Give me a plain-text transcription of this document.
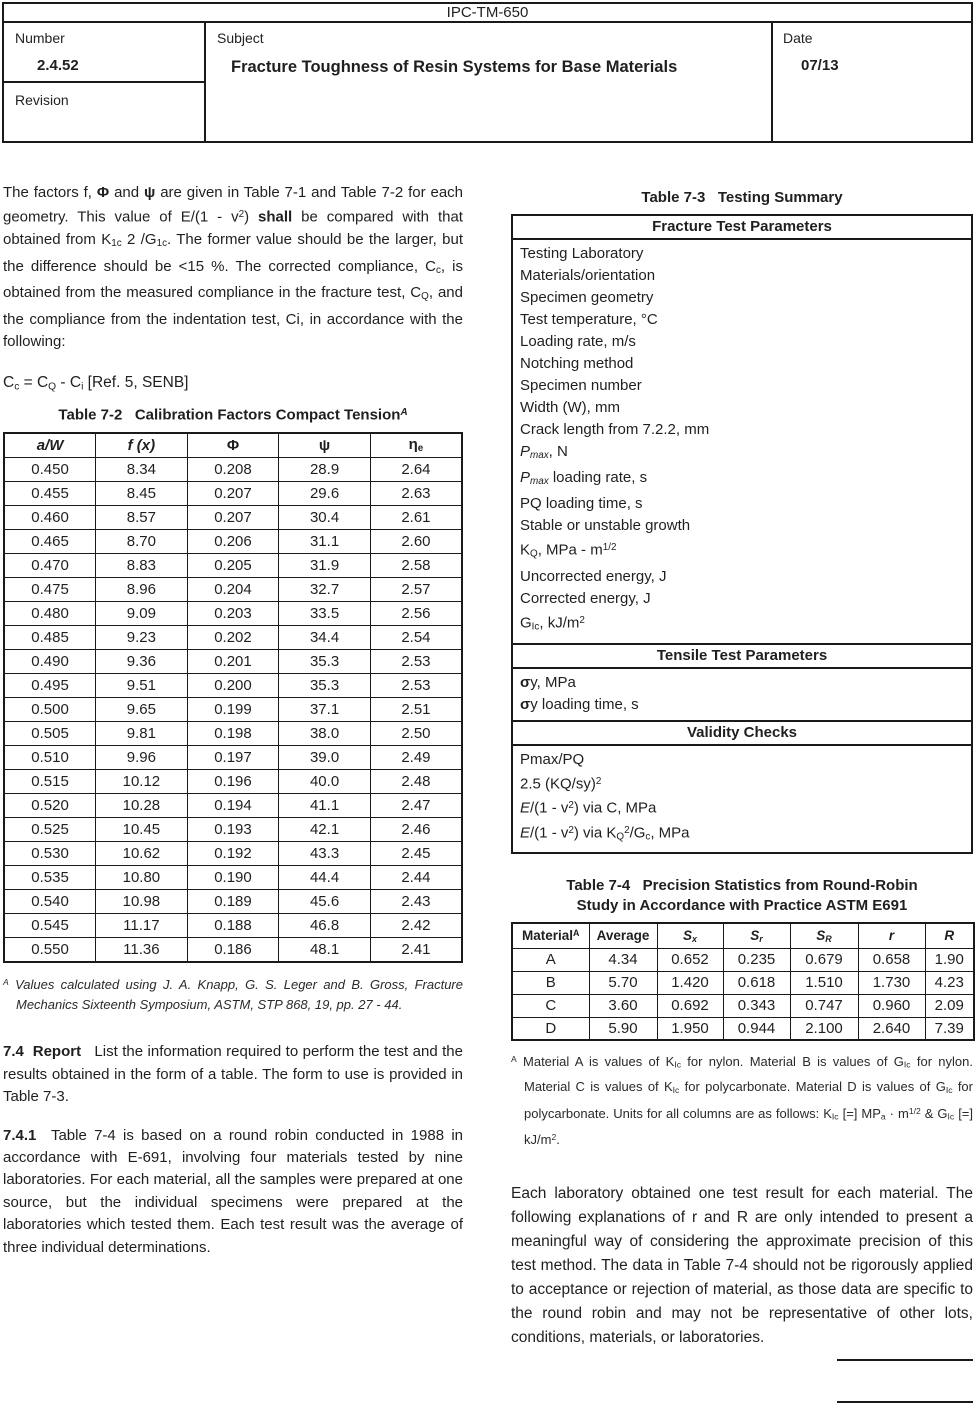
IPC-TM-650
Number
2.4.52
Revision
Subject
Fracture Toughness of Resin Systems for Base Materials
Date
07/13

The factors f, Φ and ψ are given in Table 7-1 and Table 7-2 for each geometry. This value of $E/(1 - v^2)$ shall be compared with that obtained from $K_{1c}$ 2 $/G_{1c}$. The former value should be the larger, but the difference should be <15 %. The corrected compliance, $C_c$, is obtained from the measured compliance in the fracture test, $C_Q$, and the compliance from the indentation test, Ci, in accordance with the following:

$C_c = C_Q - C_i$ [Ref. 5, SENB]

Table 7-2   Calibration Factors Compact Tension$^A$
a/W	f (x)	Φ	ψ	$\eta_e$
0.450	8.34	0.208	28.9	2.64
0.455	8.45	0.207	29.6	2.63
0.460	8.57	0.207	30.4	2.61
0.465	8.70	0.206	31.1	2.60
0.470	8.83	0.205	31.9	2.58
0.475	8.96	0.204	32.7	2.57
0.480	9.09	0.203	33.5	2.56
0.485	9.23	0.202	34.4	2.54
0.490	9.36	0.201	35.3	2.53
0.495	9.51	0.200	35.3	2.53
0.500	9.65	0.199	37.1	2.51
0.505	9.81	0.198	38.0	2.50
0.510	9.96	0.197	39.0	2.49
0.515	10.12	0.196	40.0	2.48
0.520	10.28	0.194	41.1	2.47
0.525	10.45	0.193	42.1	2.46
0.530	10.62	0.192	43.3	2.45
0.535	10.80	0.190	44.4	2.44
0.540	10.98	0.189	45.6	2.43
0.545	11.17	0.188	46.8	2.42
0.550	11.36	0.186	48.1	2.41

$^A$ Values calculated using J. A. Knapp, G. S. Leger and B. Gross, Fracture Mechanics Sixteenth Symposium, ASTM, STP 868, 19, pp. 27 - 44.

7.4  Report   List the information required to perform the test and the results obtained in the form of a table. The form to use is provided in Table 7-3.

7.4.1  Table 7-4 is based on a round robin conducted in 1988 in accordance with E-691, involving four materials tested by nine laboratories. For each material, all the samples were prepared at one source, but the individual specimens were prepared at the laboratories which tested them. Each test result was the average of three individual determinations.

Table 7-3   Testing Summary
Fracture Test Parameters
Testing Laboratory
Materials/orientation
Specimen geometry
Test temperature, °C
Loading rate, m/s
Notching method
Specimen number
Width (W), mm
Crack length from 7.2.2, mm
$P_{max}$, N
$P_{max}$ loading rate, s
PQ loading time, s
Stable or unstable growth
$K_Q$, MPa - $m^{1/2}$
Uncorrected energy, J
Corrected energy, J
$G_{Ic}$, $kJ/m^2$
Tensile Test Parameters
σy, MPa
σy loading time, s
Validity Checks
Pmax/PQ
2.5 $(KQ/sy)^2$
$E/(1 - v^2)$ via C, MPa
$E/(1 - v^2)$ via $K_Q^2/G_c$, MPa
Table 7-4   Precision Statistics from Round-Robin
Study in Accordance with Practice ASTM E691
Material$^A$	Average	$S_x$	$S_r$	$S_R$	r	R
A	4.34	0.652	0.235	0.679	0.658	1.90
B	5.70	1.420	0.618	1.510	1.730	4.23
C	3.60	0.692	0.343	0.747	0.960	2.09
D	5.90	1.950	0.944	2.100	2.640	7.39

$^A$ Material A is values of $K_{Ic}$ for nylon. Material B is values of $G_{Ic}$ for nylon. Material C is values of $K_{Ic}$ for polycarbonate. Material D is values of $G_{Ic}$ for polycarbonate. Units for all columns are as follows: $K_{Ic}$ [=] $MP_a \cdot m^{1/2}$ & $G_{Ic}$ [=] $kJ/m^2$.

Each laboratory obtained one test result for each material. The following explanations of r and R are only intended to present a meaningful way of considering the approximate precision of this test method. The data in Table 7-4 should not be rigorously applied to acceptance or rejection of material, as those data are specific to the round robin and may not be representative of other lots, conditions, materials, or laboratories.
